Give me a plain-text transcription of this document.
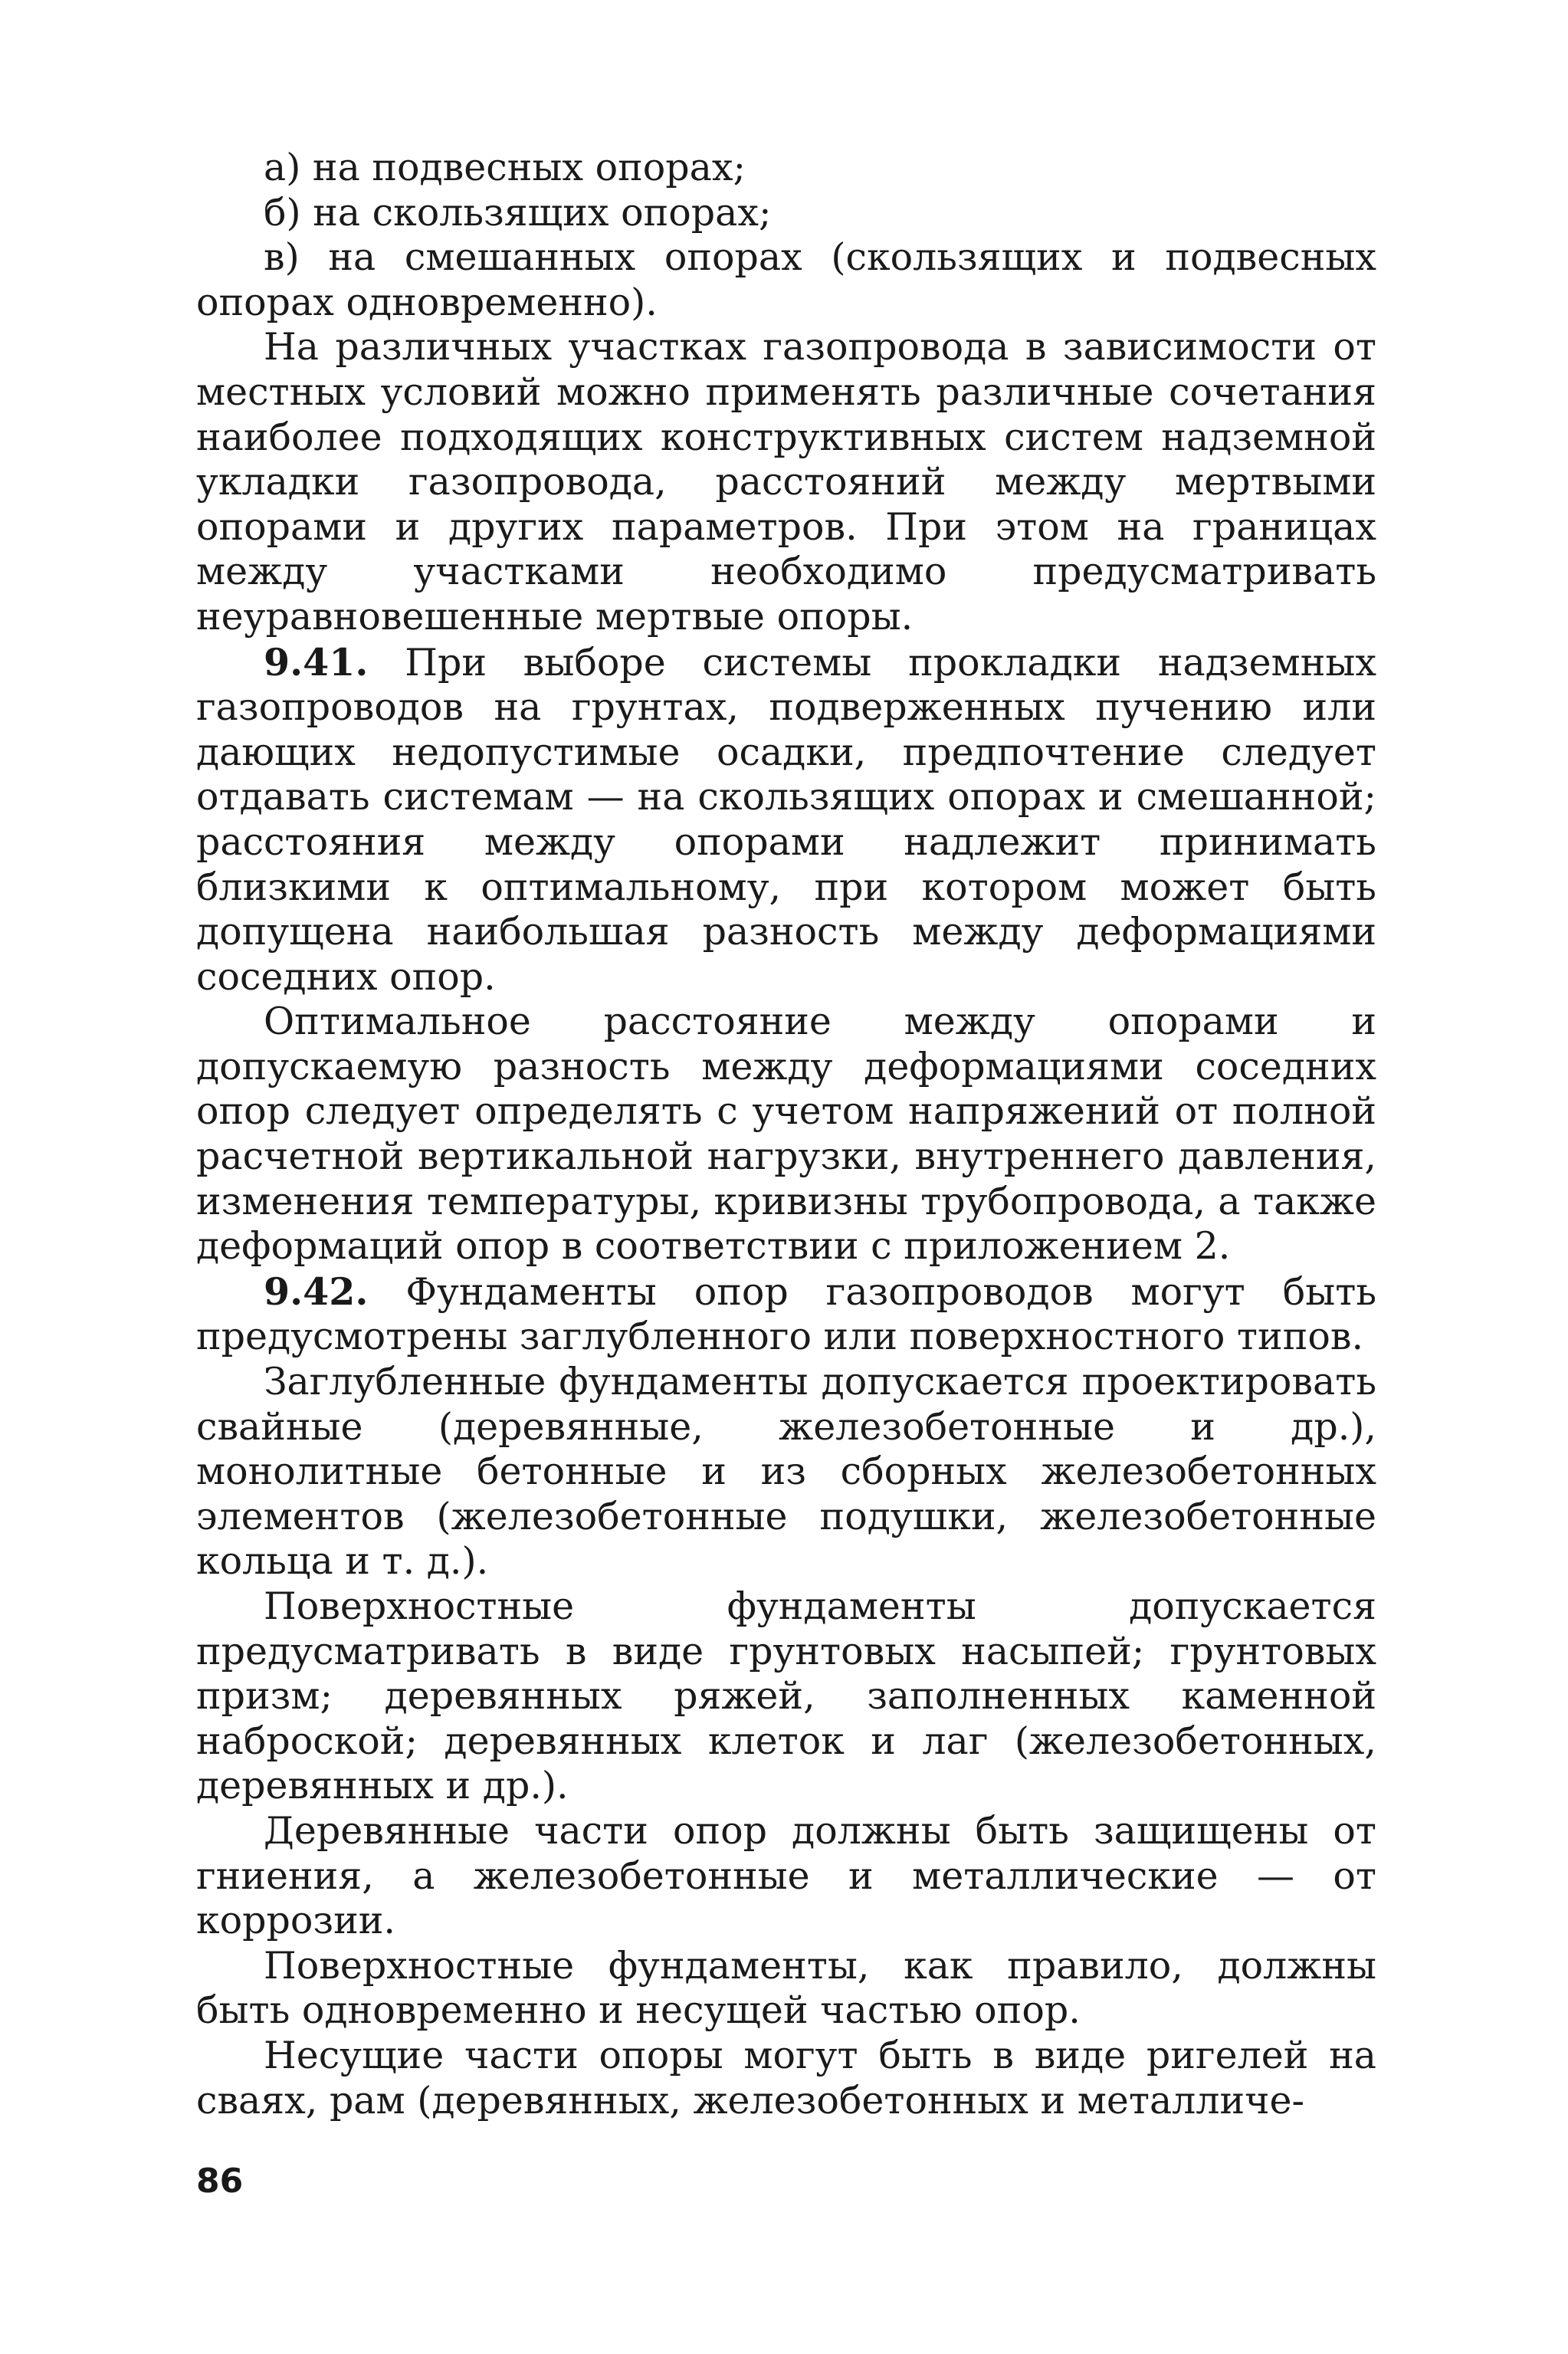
а) на подвесных опорах;

б) на скользящих опорах;

в) на смешанных опорах (скользящих и подвесных опорах одновременно).

На различных участках газопровода в зависимости от местных условий можно применять различные сочетания наиболее подходящих конструктивных систем надземной укладки газопровода, расстояний между мертвыми опорами и других параметров. При этом на границах между участками необходимо предусматривать неуравновешенные мертвые опоры.

9.41. При выборе системы прокладки надземных газопроводов на грунтах, подверженных пучению или дающих недопустимые осадки, предпочтение следует отдавать системам — на скользящих опорах и смешанной; расстояния между опорами надлежит принимать близкими к оптимальному, при котором может быть допущена наибольшая разность между деформациями соседних опор.

Оптимальное расстояние между опорами и допускаемую разность между деформациями соседних опор следует определять с учетом напряжений от полной расчетной вертикальной нагрузки, внутреннего давления, изменения температуры, кривизны трубопровода, а также деформаций опор в соответствии с приложением 2.

9.42. Фундаменты опор газопроводов могут быть предусмотрены заглубленного или поверхностного типов.

Заглубленные фундаменты допускается проектировать свайные (деревянные, железобетонные и др.), монолитные бетонные и из сборных железобетонных элементов (железобетонные подушки, железобетонные кольца и т. д.).

Поверхностные фундаменты допускается предусматривать в виде грунтовых насыпей; грунтовых призм; деревянных ряжей, заполненных каменной наброской; деревянных клеток и лаг (железобетонных, деревянных и др.).

Деревянные части опор должны быть защищены от гниения, а железобетонные и металлические — от коррозии.

Поверхностные фундаменты, как правило, должны быть одновременно и несущей частью опор.

Несущие части опоры могут быть в виде ригелей на сваях, рам (деревянных, железобетонных и металличе-

86
